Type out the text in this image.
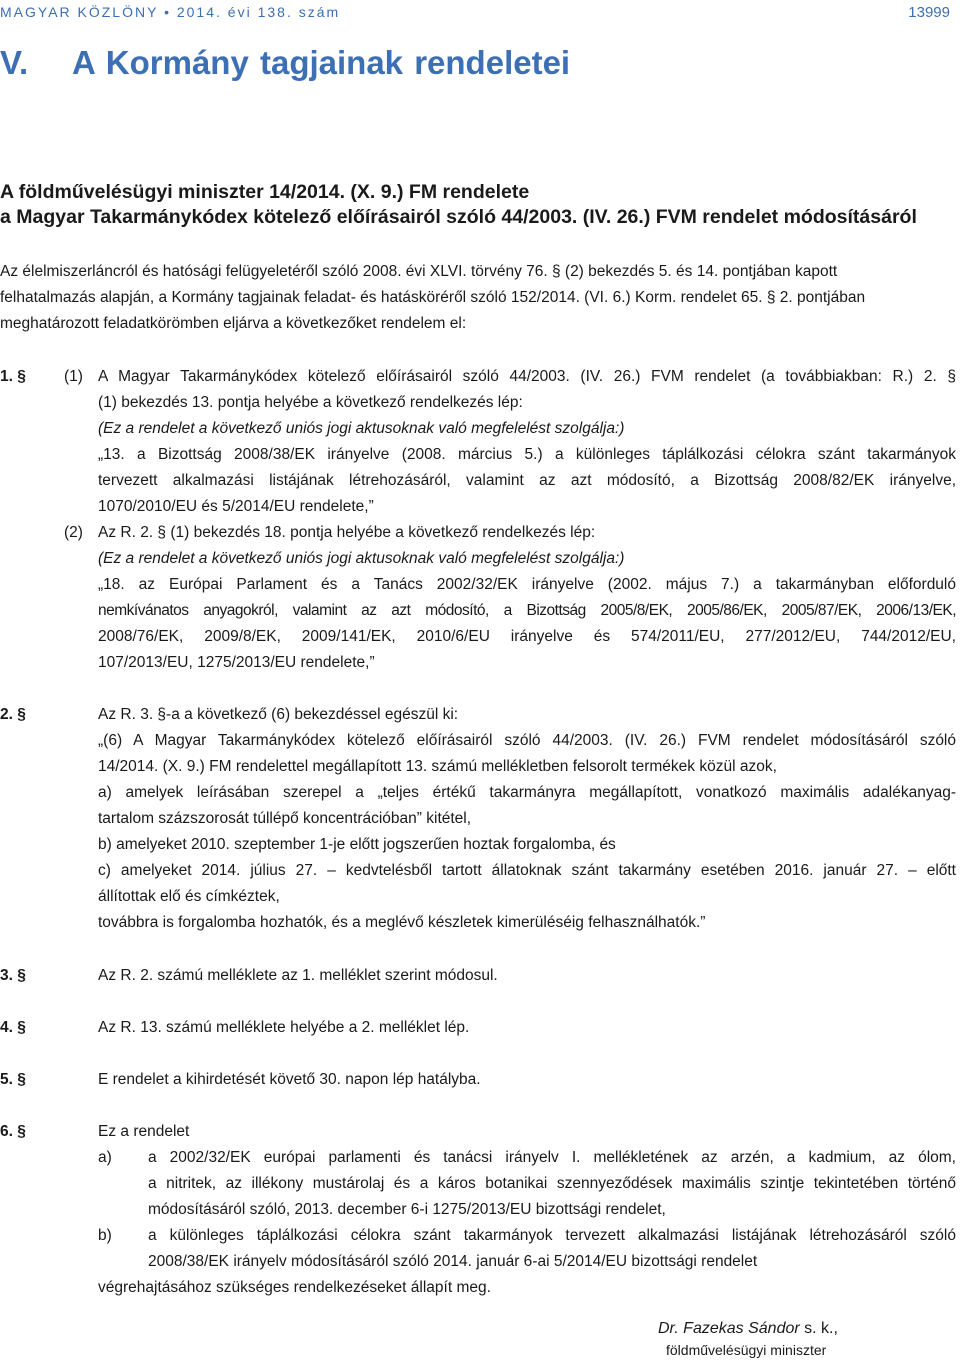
MAGYAR KÖZLÖNY • 2014. évi 138. szám	13999
V. A Kormány tagjainak rendeletei
A földművelésügyi miniszter 14/2014. (X. 9.) FM rendelete
a Magyar Takarmánykódex kötelező előírásairól szóló 44/2003. (IV. 26.) FVM rendelet módosításáról
Az élelmiszerláncról és hatósági felügyeletéről szóló 2008. évi XLVI. törvény 76. § (2) bekezdés 5. és 14. pontjában kapott
felhatalmazás alapján, a Kormány tagjainak feladat- és hatásköréről szóló 152/2014. (VI. 6.) Korm. rendelet 65. § 2. pontjában
meghatározott feladatkörömben eljárva a következőket rendelem el:
1. § (1) A Magyar Takarmánykódex kötelező előírásairól szóló 44/2003. (IV. 26.) FVM rendelet (a továbbiakban: R.) 2. §
(1) bekezdés 13. pontja helyébe a következő rendelkezés lép:
(Ez a rendelet a következő uniós jogi aktusoknak való megfelelést szolgálja:)
„13. a Bizottság 2008/38/EK irányelve (2008. március 5.) a különleges táplálkozási célokra szánt takarmányok
tervezett alkalmazási listájának létrehozásáról, valamint az azt módosító, a Bizottság 2008/82/EK irányelve,
1070/2010/EU és 5/2014/EU rendelete,”
(2) Az R. 2. § (1) bekezdés 18. pontja helyébe a következő rendelkezés lép:
(Ez a rendelet a következő uniós jogi aktusoknak való megfelelést szolgálja:)
„18. az Európai Parlament és a Tanács 2002/32/EK irányelve (2002. május 7.) a takarmányban előforduló
nemkívánatos anyagokról, valamint az azt módosító, a Bizottság 2005/8/EK, 2005/86/EK, 2005/87/EK, 2006/13/EK,
2008/76/EK, 2009/8/EK, 2009/141/EK, 2010/6/EU irányelve és 574/2011/EU, 277/2012/EU, 744/2012/EU,
107/2013/EU, 1275/2013/EU rendelete,”
2. §	Az R. 3. §-a a következő (6) bekezdéssel egészül ki:
„(6) A Magyar Takarmánykódex kötelező előírásairól szóló 44/2003. (IV. 26.) FVM rendelet módosításáról szóló
14/2014. (X. 9.) FM rendelettel megállapított 13. számú mellékletben felsorolt termékek közül azok,
a) amelyek leírásában szerepel a „teljes értékű takarmányra megállapított, vonatkozó maximális adalékanyag-
tartalom százszorosát túllépő koncentrációban” kitétel,
b) amelyeket 2010. szeptember 1-je előtt jogszerűen hoztak forgalomba, és
c) amelyeket 2014. július 27. – kedvtelésből tartott állatoknak szánt takarmány esetében 2016. január 27. – előtt
állítottak elő és címkéztek,
továbbra is forgalomba hozhatók, és a meglévő készletek kimerüléséig felhasználhatók.”
3. §	Az R. 2. számú melléklete az 1. melléklet szerint módosul.
4. §	Az R. 13. számú melléklete helyébe a 2. melléklet lép.
5. §	E rendelet a kihirdetését követő 30. napon lép hatályba.
6. §	Ez a rendelet
a) a 2002/32/EK európai parlamenti és tanácsi irányelv I. mellékletének az arzén, a kadmium, az ólom,
a nitritek, az illékony mustárolaj és a káros botanikai szennyeződések maximális szintje tekintetében történő
módosításáról szóló, 2013. december 6-i 1275/2013/EU bizottsági rendelet,
b) a különleges táplálkozási célokra szánt takarmányok tervezett alkalmazási listájának létrehozásáról szóló
2008/38/EK irányelv módosításáról szóló 2014. január 6-ai 5/2014/EU bizottsági rendelet
végrehajtásához szükséges rendelkezéseket állapít meg.
Dr. Fazekas Sándor s. k.,
földművelésügyi miniszter
